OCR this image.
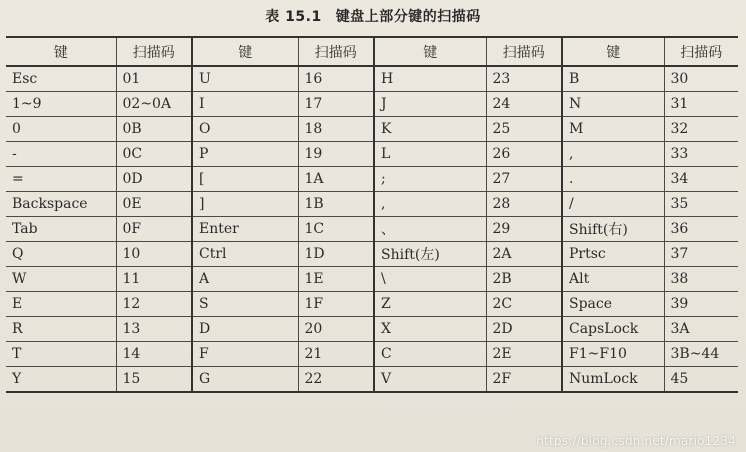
表 15.1 键盘上部分键的扫描码
键	扫描码	键	扫描码	键	扫描码	键	扫描码
Esc	01	U	16	H	23	B	30
1~9	02~0A	I	17	J	24	N	31
0	0B	O	18	K	25	M	32
-	0C	P	19	L	26	,	33
=	0D	[	1A	;	27	.	34
Backspace	0E	]	1B	,	28	/	35
Tab	0F	Enter	1C	、	29	Shift(右)	36
Q	10	Ctrl	1D	Shift(左)	2A	Prtsc	37
W	11	A	1E	\	2B	Alt	38
E	12	S	1F	Z	2C	Space	39
R	13	D	20	X	2D	CapsLock	3A
T	14	F	21	C	2E	F1~F10	3B~44
Y	15	G	22	V	2F	NumLock	45
https://blog.csdn.net/mario1234
